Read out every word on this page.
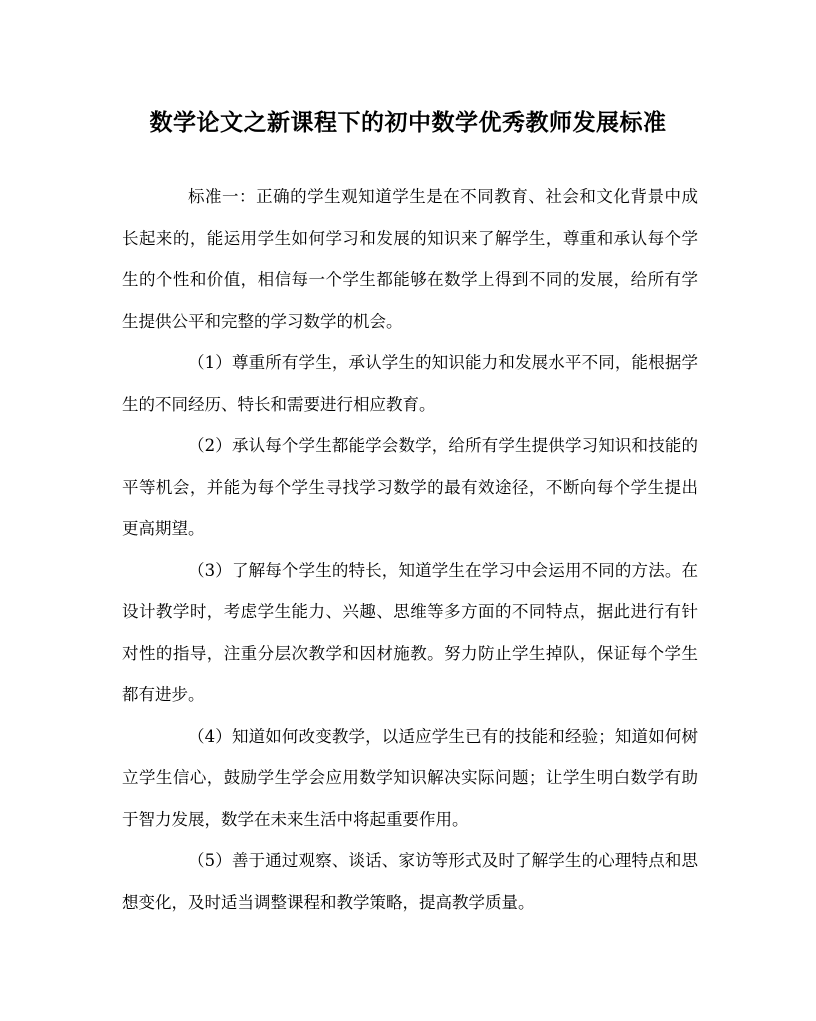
数学论文之新课程下的初中数学优秀教师发展标准

标准一：正确的学生观知道学生是在不同教育、社会和文化背景中成长起来的，能运用学生如何学习和发展的知识来了解学生，尊重和承认每个学生的个性和价值，相信每一个学生都能够在数学上得到不同的发展，给所有学生提供公平和完整的学习数学的机会。

（1）尊重所有学生，承认学生的知识能力和发展水平不同，能根据学生的不同经历、特长和需要进行相应教育。

（2）承认每个学生都能学会数学，给所有学生提供学习知识和技能的平等机会，并能为每个学生寻找学习数学的最有效途径，不断向每个学生提出更高期望。

（3）了解每个学生的特长，知道学生在学习中会运用不同的方法。在设计教学时，考虑学生能力、兴趣、思维等多方面的不同特点，据此进行有针对性的指导，注重分层次教学和因材施教。努力防止学生掉队，保证每个学生都有进步。

（4）知道如何改变教学，以适应学生已有的技能和经验；知道如何树立学生信心，鼓励学生学会应用数学知识解决实际问题；让学生明白数学有助于智力发展，数学在未来生活中将起重要作用。

（5）善于通过观察、谈话、家访等形式及时了解学生的心理特点和思想变化，及时适当调整课程和教学策略，提高教学质量。
